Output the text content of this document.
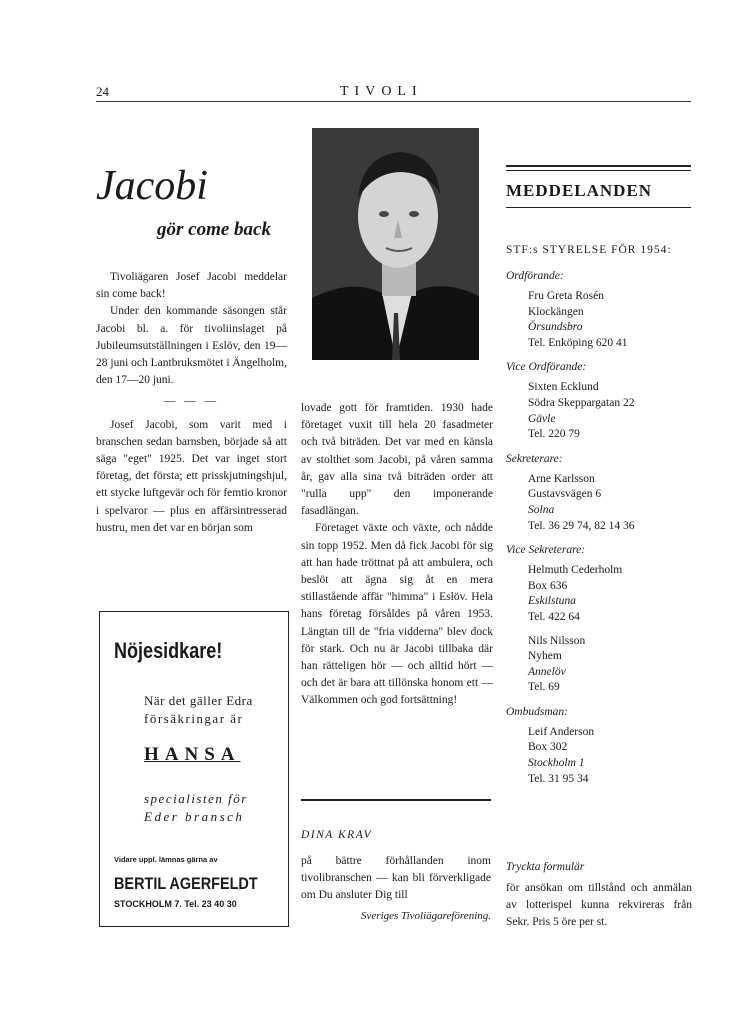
24	TIVOLI
Jacobi
gör come back

Tivoliägaren Josef Jacobi meddelar sin come back!

Under den kommande säsongen står Jacobi bl. a. för tivoliinslaget på Jubileumsutställningen i Eslöv, den 19—28 juni och Lantbruksmötet i Ängelholm, den 17—20 juni.

— — —

Josef Jacobi, som varit med i branschen sedan barnsben, började så att säga "eget" 1925. Det var inget stort företag, det första; ett prisskjutningshjul, ett stycke luftgevär och för femtio kronor i spelvaror — plus en affärsintresserad hustru, men det var en början som

lovade gott för framtiden. 1930 hade företaget vuxit till hela 20 fasadmeter och två biträden. Det var med en känsla av stolthet som Jacobi, på våren samma år, gav alla sina två biträden order att "rulla upp" den imponerande fasadlängan.

Företaget växte och växte, och nådde sin topp 1952. Men då fick Jacobi för sig att han hade tröttnat på att ambulera, och beslöt att ägna sig åt en mera stillastående affär "himma" i Eslöv. Hela hans företag försåldes på våren 1953. Längtan till de "fria vidderna" blev dock för stark. Och nu är Jacobi tillbaka där han rätteligen hör — och alltid hört — och det är bara att tillönska honom ett — Välkommen och god fortsättning!

Nöjesidkare!
När det gäller Edra
försäkringar är
HANSA
specialisten för
Eder bransch
Vidare uppl. lämnas gärna av
BERTIL AGERFELDT
STOCKHOLM 7. Tel. 23 40 30
DINA KRAV
på bättre förhållanden inom tivolibranschen — kan bli förverkligade om Du ansluter Dig till
Sveriges Tivoliägareförening.
MEDDELANDEN
STF:s STYRELSE FÖR 1954:
Ordförande:
Fru Greta Rosén
Klockängen
Örsundsbro
Tel. Enköping 620 41
Vice Ordförande:
Sixten Ecklund
Södra Skeppargatan 22
Gävle
Tel. 220 79
Sekreterare:
Arne Karlsson
Gustavsvägen 6
Solna
Tel. 36 29 74, 82 14 36
Vice Sekreterare:
Helmuth Cederholm
Box 636
Eskilstuna
Tel. 422 64
Nils Nilsson
Nyhem
Annelöv
Tel. 69
Ombudsman:
Leif Anderson
Box 302
Stockholm 1
Tel. 31 95 34
Tryckta formulär
för ansökan om tillstånd och anmälan av lotterispel kunna rekvireras från Sekr. Pris 5 öre per st.
